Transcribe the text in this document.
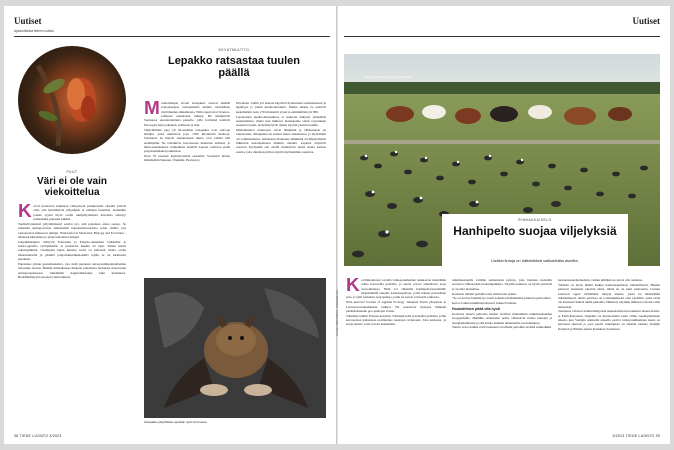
Uutiset
Ajankohtaista tieteen uutisia
PUUT
Väri ei ole vain viekoittelua
K avvit koristavat kukkiaan viitteydestä poikkeavilla väreillä ystäviä olisi, että herättäisivät pölyttäjien ja eläinten huomion. Kuitenkin joskus syystä myös osalla tuulipölytteisistä kasveista esiintyy esimerkiksi punaisia kukkia.

Tuulipölytteisistä pölyttämisestä selvisi nyt, että punainen antaa suojaa. Se vähentää auringonvalon aiheuttamia hapettumisvaurioita solun sisällä, jota vastaanottaa halkeavat tutkijat. Näin kertovat Molecular Biology and Evolution -lehdessä kiinalaiset ja yhdysvaltalaiset tutkijat.

Jalopähkinäpuut viihtyvät Euraasian ja Pohjois-Amerikan lauhkeilla ja subtrooppisilla vyöhykkeillä, ja puusuvun kukkia 22 lajia. Tutuin heistä saksanpähkinä. Useimpien lajien kukissa luotti on keltaistä, mutta osalla itäaasialaisella ja yhdellä pohjoisamerikkalaisella lajilla se on kirkkaasti punainen.

Punaisuus johtuu geeniaineksista, jota sisää punaisen antosyaniinipohjamaalien tarkastelu tuottaa. Heidän mittauksensa mukaan punaisissa luotteissa muodostuu auringonpaisteessa vähemmän happiradikaaleja kuin keltaisissa. Hedelmällisyyttä suojaava tukivaikutus.

KEVÄTMUUTTO
Lepakko ratsastaa tuulen päällä
M uuttolintujen tavoin isolepakot osaavat säästää lentoenergiaa ratsastamalla tuulten reissuillaan myötätuulen sääsuhteista. Näin raportoivat Science-lehdessä saksalaiset tutkijat. He kiinnittivät Suomessa seurantalaitteita pienelle, jolla leväisinä lentävät Euroopan lajin poikanen, kolliseen ja isän.

Siipivälillään jopa yli 40-senttiset isolepakot ovat vahvoja lentäjiä, jotka muuttavat jopa 1500 kilometrin matkoja. Suomessa ne käyvät satunnaisesti mutta ovat yleisiä tätä etelämpänä. Ne talvehtivat horroksessa manteren etelässä, ja huhti-toukokuussa vanhemmat lentävät naaraat vaeltavat sieltä pohjoisemmaksi poikimaan.

Noin 70 naaraan käyttäytymistä seurattiin Sveitsistä niiden mäntäpähin Saksaan, Tšekkiin, Puolaan ja

Itävaltaan. Joihin yöt naaraat käyttivät hyönteisten saalistamiseen ja lepäilyyn ja jotkin muuttolentoihin. Niiden aikana ne etenivät keskimäärin noin 170 kilometriä yössä ja enimmillään yli 380.

Lepakoiden matka-aikataulussa ei muutoin näkynyt yhtenäistä suunnitelmaa, mutta kun liikkuva matalapaine sattui tarjoamaan suotuisat tuulet, ne heittäytyivät niiden kyytiin yksissä tuumin.

Mielenkiinnot muuttoyöt olivat lämpimiä ja vähäsateisia tai sateettomia, ilmanpaine oli korkea mutta laskemassa, ja myötätuuli oli voimistumassa. Sellaisissa tilanteissa lämmintä oli lähestymässä liikkuvan matalapaineen lämmin rintama. Lepakot näyttivät osaavan hyödyntää sen edellä lisääntyviä tuulia mutta karttaa sateita, joita rintaman pilvien myötä myöhemmin saapuvat.

Isolepakko pitopihdissa: apuittain myös Suomessa.
38 TIEDE LUONTO 3/2023
Uutiset
Nauta muodostaa maisemointia lajeille.
RINNAKKAISELO
Hanhipelto suojaa viljelyksiä
Lisäksi lintuja on hätisteltävä valikoiduilta alueilta.
Kuvaaja: Heikki Mäkinen / Vastavalokuvaus
K evätmuuttonsa varrella valkoposkihanhet tankkaavat mielellään rehua kasvavilla pelloilla, ja suuret parvet aiheuttavat isoja satovahinkoja. Niitä voi vähentää hanhipeltosysteemillä: järjestämällä alueelle karkotuspeltoja, joilla hanhet pelotellaan pois, ja yhtä ruokaisia suojapeltoja, joilla ne saavat ravinoida rauhassa.

Näin kertovat Journal of Applied Ecology -lehdessä Turun yliopiston ja Luonnonvarakeskuksen tutkijat. He seurasivat linnojen liikkeitä yksilökohtaisiin geo-pantojen avulla.

Tutkimus tehtiin Pohjois-Karjalan Tohmajärvellä ja Kiteellä pelloilla, joilla kasvatetaan pääasiassa nurmirehua nautojen ravinnoksi. Jotta karkotus- ja suoja-alueita voisi verrata keskenään,

tutkimusalueilla valittiin samantaisia peltoja, joita hanhien tiedettiin suosivan vältteessään ruokailupaikkaa. Tarjoilla kaikissa on hyviä syötävää ja avointa maisemaa.

Karkotus laikilla pelloilla olisi mahdotoin uraksi.

"Se on koivaa hommaa ja vaatii aamusta iltahämärään jatkuvaa partiointia", kertoo Luken tutkimusprofessori Jukka Forsman.

Houkuttimen pitää olla hyvä

Karkotus alueen pelloista hanhet oleilivat mielummin tutkimusalueiden suojapelloilla. Hanhille rauhoitetut pellot vähensivät turhaa lentelyä ja energiankulutusta ja sitä kautta hanhien aiheuttamia satovahinkoja.

Samaa vetoa hanhet eivät tunteneet tavallisiin peltoihin eivätkä esimerkiksi

luonnonsuojelualueisiin, vaikka niilläkin ne saivat olla rauhassa.

Tärkeää on myös hätätä hanhet karkotuspelloista säännöllisesti. Hanhet palaavat hanakasti takaisin sinne, mistä ne on juuri karkotettu. Lintuut saattavat oppia välttämään tiettyjä alueita, joista ne hätistellään säännöllisesti, mutta parvissa on todennäköisesti aina yksilöitä, jotka eivät ole kokeneet häätöä näiltä paikoilta. Hätistely näyttäisi ihmisen toivoista aina uudestaan.

Suomessa valtaosa hanhivahingoista maksetaisiin korvauksista menee Keski- ja Etelä-Karjalaan. Ongelma on muodostunut parin viime vuosikymmenen aikana, kun Venäjän arktisella alueella pesivä valkoposkihanhien kanta on kasvanut suuresti ja jopa puolet muuttajista on alkanut tankata Venäjän Karjalan ja Baltian sijasta Kaakkois-Suomessa.

3/2023 TIEDE LUONTO 39
